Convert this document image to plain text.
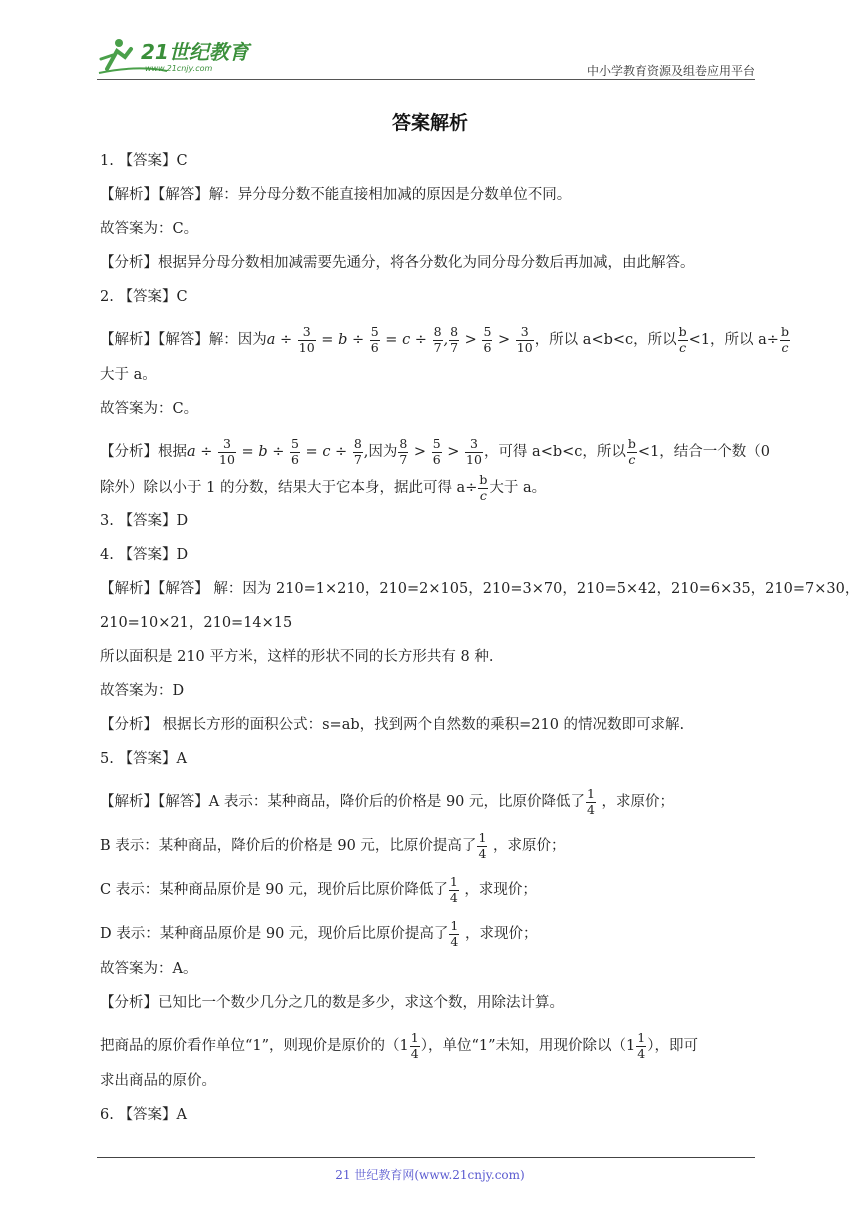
21世纪教育
www.21cnjy.com	中小学教育资源及组卷应用平台
答案解析
1. 【答案】C
【解析】【解答】解：异分母分数不能直接相加减的原因是分数单位不同。
故答案为：C。
【分析】根据异分母分数相加减需要先通分，将各分数化为同分母分数后再加减，由此解答。
2. 【答案】C
【解析】【解答】解：因为$a \div \frac{3}{10} = b \div \frac{5}{6} = c \div \frac{8}{7}$ , $\frac{8}{7} > \frac{5}{6} > \frac{3}{10}$ ，所以 a<b<c，所以 $\frac{b}{c} <1$，所以 $a\div \frac{b}{c}$
大于 a。
故答案为：C。
【分析】根据$a \div \frac{3}{10} = b \div \frac{5}{6} = c \div \frac{8}{7}$ ,因为 $\frac{8}{7} > \frac{5}{6} > \frac{3}{10}$ ，可得 a<b<c，所以 $\frac{b}{c} <1$，结合一个数（0
除外）除以小于 1 的分数，结果大于它本身，据此可得 $a\div \frac{b}{c}$ 大于 a。
3. 【答案】D
4. 【答案】D
【解析】【解答】 解：因为 210=1×210，210=2×105，210=3×70，210=5×42，210=6×35，210=7×30，
210=10×21，210=14×15
所以面积是 210 平方米，这样的形状不同的长方形共有 8 种.
故答案为：D
【分析】 根据长方形的面积公式：s=ab，找到两个自然数的乘积=210 的情况数即可求解.
5. 【答案】A
【解析】【解答】A 表示：某种商品，降价后的价格是 90 元，比原价降低了 $\frac{1}{4}$ ，求原价；
B 表示：某种商品，降价后的价格是 90 元，比原价提高了 $\frac{1}{4}$ ，求原价；
C 表示：某种商品原价是 90 元，现价后比原价降低了 $\frac{1}{4}$ ，求现价；
D 表示：某种商品原价是 90 元，现价后比原价提高了 $\frac{1}{4}$ ，求现价；
故答案为：A。
【分析】已知比一个数少几分之几的数是多少，求这个数，用除法计算。
把商品的原价看作单位“1”，则现价是原价的（$1 \frac{1}{4}$ ），单位“1”未知，用现价除以（$1 \frac{1}{4}$ ），即可
求出商品的原价。
6. 【答案】A
21 世纪教育网(www.21cnjy.com)
